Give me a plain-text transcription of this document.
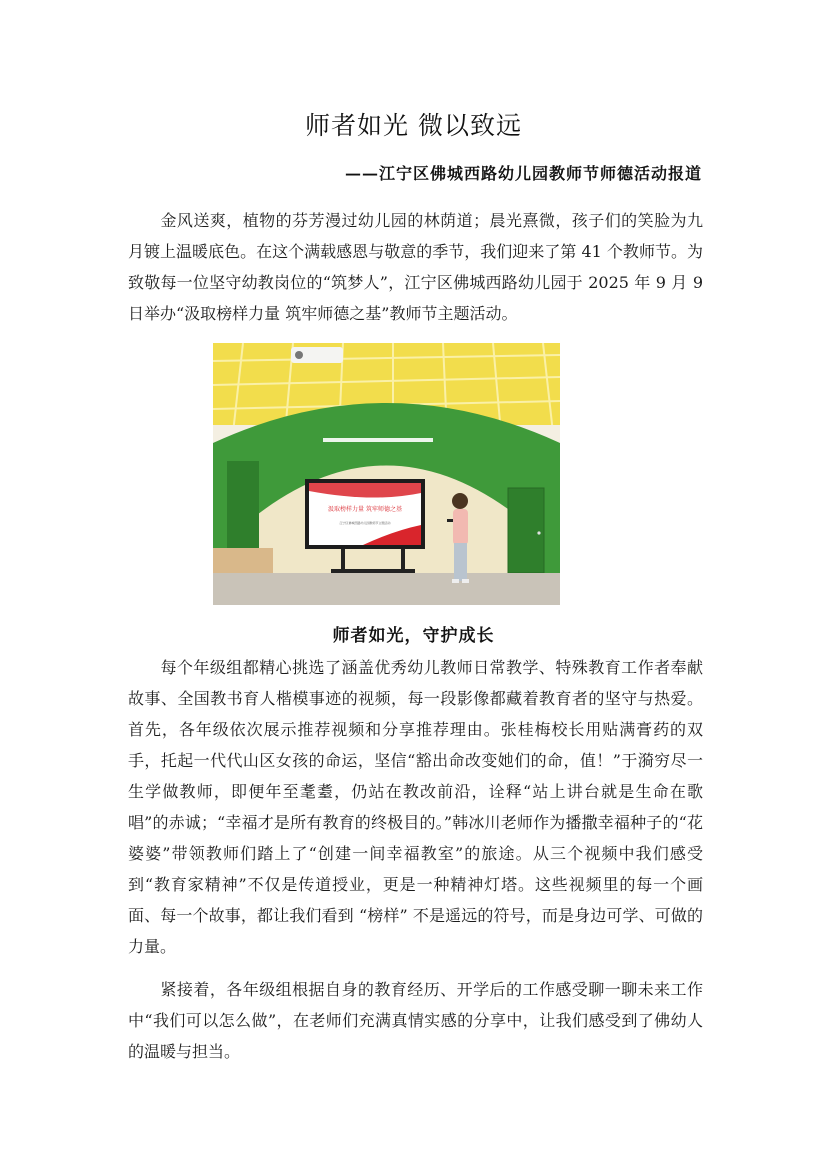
师者如光 微以致远
——江宁区佛城西路幼儿园教师节师德活动报道
金风送爽，植物的芬芳漫过幼儿园的林荫道；晨光熹微，孩子们的笑脸为九月镀上温暖底色。在这个满载感恩与敬意的季节，我们迎来了第 41 个教师节。为致敬每一位坚守幼教岗位的“筑梦人”，江宁区佛城西路幼儿园于 2025 年 9 月 9 日举办“汲取榜样力量 筑牢师德之基”教师节主题活动。
汲取榜样力量 筑牢师德之基
江宁区佛城西路幼儿园教师节主题活动
师者如光，守护成长
每个年级组都精心挑选了涵盖优秀幼儿教师日常教学、特殊教育工作者奉献故事、全国教书育人楷模事迹的视频，每一段影像都藏着教育者的坚守与热爱。首先，各年级依次展示推荐视频和分享推荐理由。张桂梅校长用贴满膏药的双手，托起一代代山区女孩的命运，坚信“豁出命改变她们的命，值！”于漪穷尽一生学做教师，即便年至耄耋，仍站在教改前沿，诠释“站上讲台就是生命在歌唱”的赤诚；“幸福才是所有教育的终极目的。”韩冰川老师作为播撒幸福种子的“花婆婆”带领教师们踏上了“创建一间幸福教室”的旅途。从三个视频中我们感受到“教育家精神”不仅是传道授业，更是一种精神灯塔。这些视频里的每一个画面、每一个故事，都让我们看到 “榜样” 不是遥远的符号，而是身边可学、可做的力量。
紧接着，各年级组根据自身的教育经历、开学后的工作感受聊一聊未来工作中“我们可以怎么做”，在老师们充满真情实感的分享中，让我们感受到了佛幼人的温暖与担当。
